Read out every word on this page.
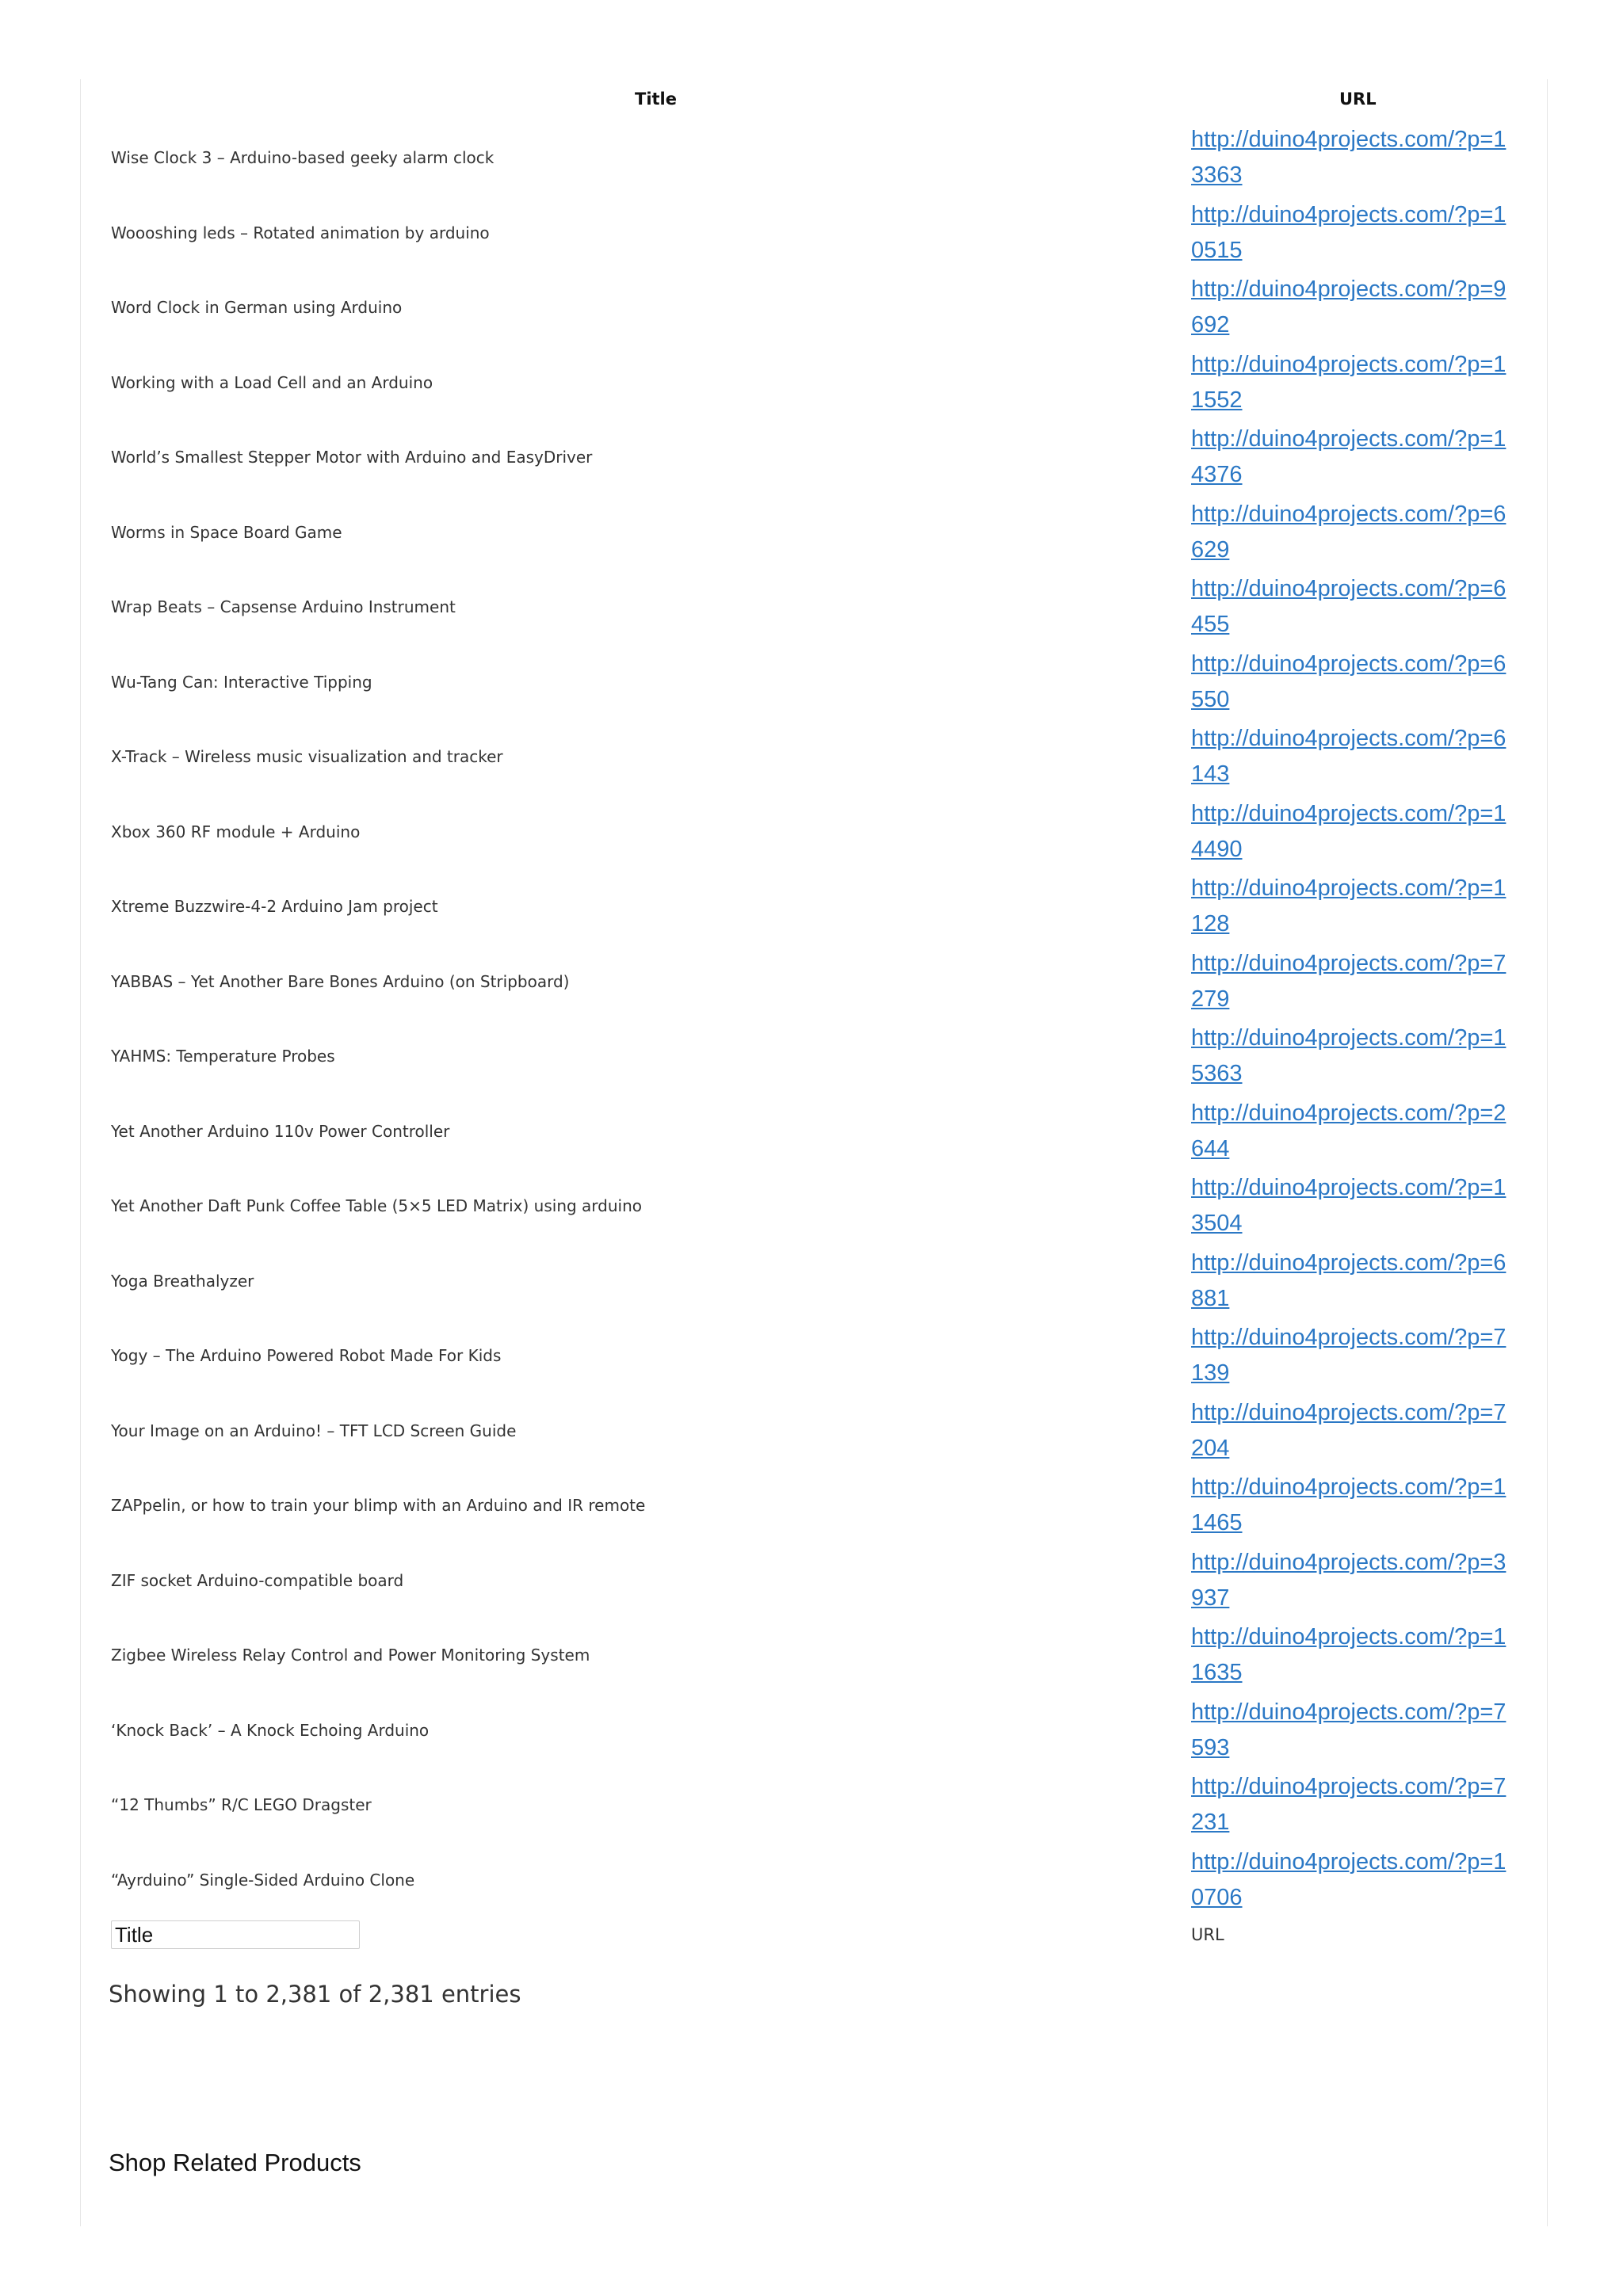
Title	URL
Wise Clock 3 – Arduino-based geeky alarm clock
http://duino4projects.com/?p=13363
Woooshing leds – Rotated animation by arduino
http://duino4projects.com/?p=10515
Word Clock in German using Arduino
http://duino4projects.com/?p=9692
Working with a Load Cell and an Arduino
http://duino4projects.com/?p=11552
World’s Smallest Stepper Motor with Arduino and EasyDriver
http://duino4projects.com/?p=14376
Worms in Space Board Game
http://duino4projects.com/?p=6629
Wrap Beats – Capsense Arduino Instrument
http://duino4projects.com/?p=6455
Wu-Tang Can: Interactive Tipping
http://duino4projects.com/?p=6550
X-Track – Wireless music visualization and tracker
http://duino4projects.com/?p=6143
Xbox 360 RF module + Arduino
http://duino4projects.com/?p=14490
Xtreme Buzzwire-4-2 Arduino Jam project
http://duino4projects.com/?p=1128
YABBAS – Yet Another Bare Bones Arduino (on Stripboard)
http://duino4projects.com/?p=7279
YAHMS: Temperature Probes
http://duino4projects.com/?p=15363
Yet Another Arduino 110v Power Controller
http://duino4projects.com/?p=2644
Yet Another Daft Punk Coffee Table (5×5 LED Matrix) using arduino
http://duino4projects.com/?p=13504
Yoga Breathalyzer
http://duino4projects.com/?p=6881
Yogy – The Arduino Powered Robot Made For Kids
http://duino4projects.com/?p=7139
Your Image on an Arduino! – TFT LCD Screen Guide
http://duino4projects.com/?p=7204
ZAPpelin, or how to train your blimp with an Arduino and IR remote
http://duino4projects.com/?p=11465
ZIF socket Arduino-compatible board
http://duino4projects.com/?p=3937
Zigbee Wireless Relay Control and Power Monitoring System
http://duino4projects.com/?p=11635
‘Knock Back’ – A Knock Echoing Arduino
http://duino4projects.com/?p=7593
“12 Thumbs” R/C LEGO Dragster
http://duino4projects.com/?p=7231
“Ayrduino” Single-Sided Arduino Clone
http://duino4projects.com/?p=10706
Title
URL
Showing 1 to 2,381 of 2,381 entries
Shop Related Products
